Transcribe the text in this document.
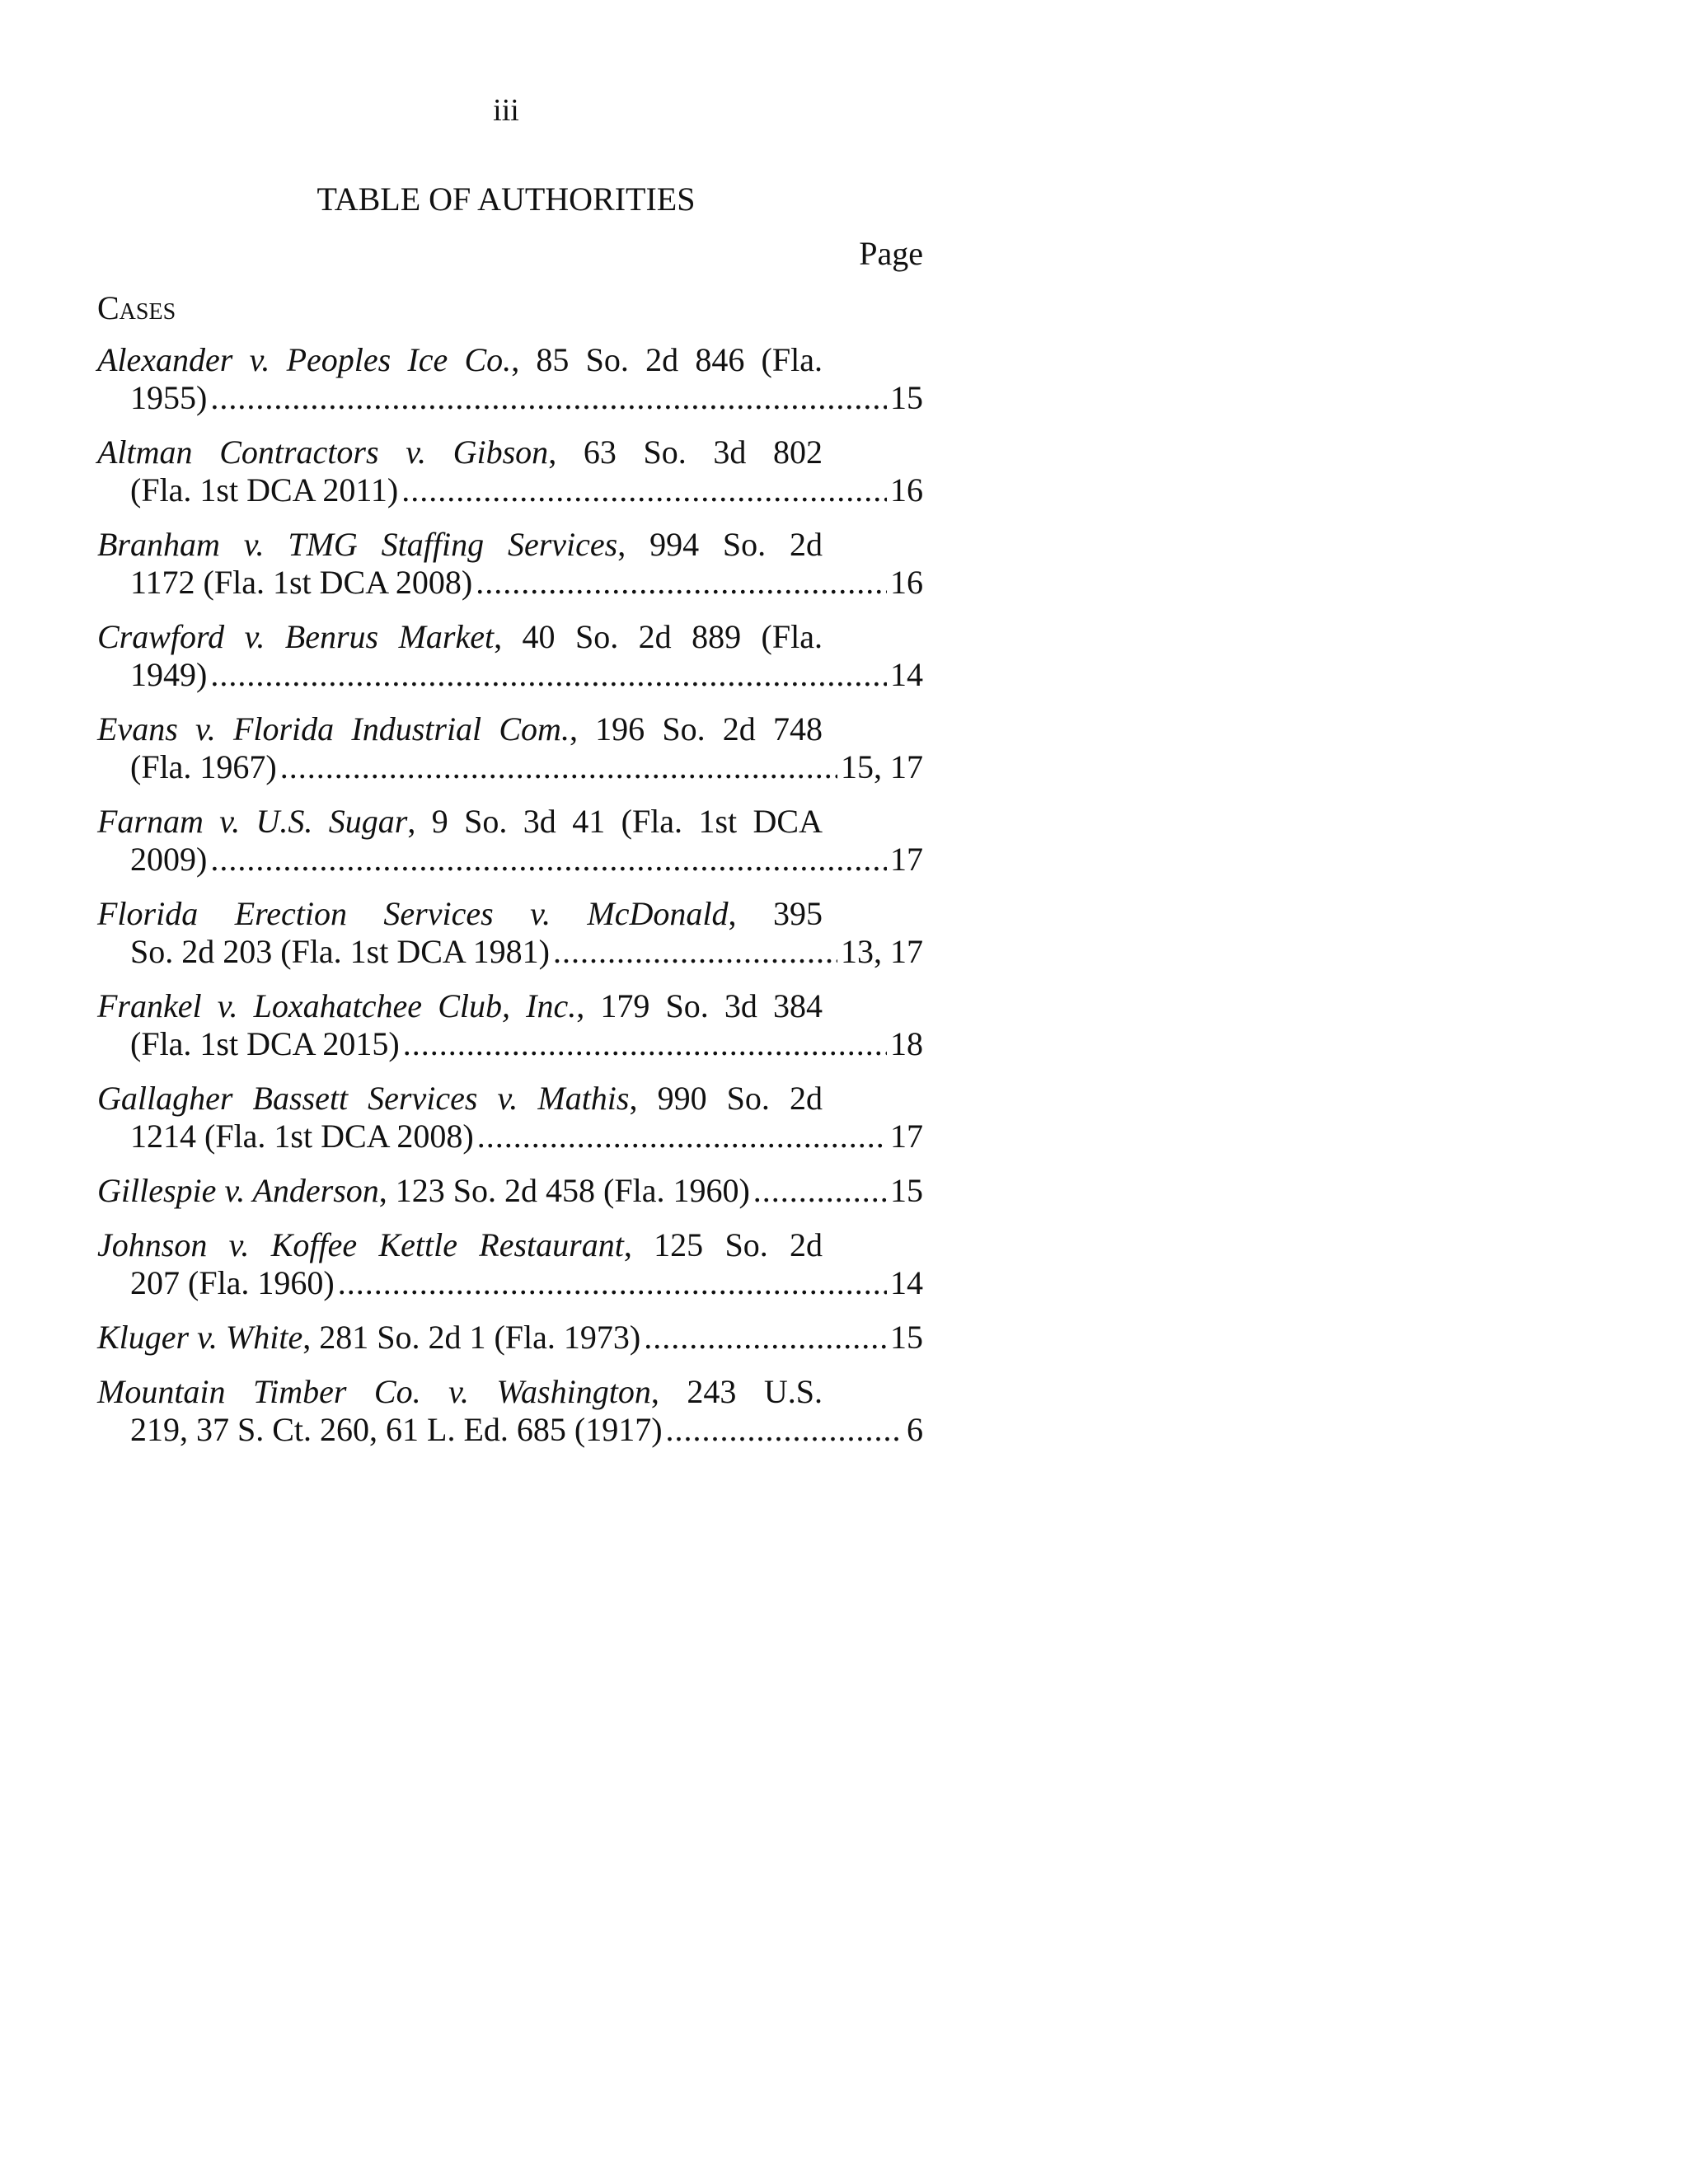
iii
TABLE OF AUTHORITIES
Page
Cases
Alexander v. Peoples Ice Co., 85 So. 2d 846 (Fla.
1955) .....	15
Altman Contractors v. Gibson, 63 So. 3d 802
(Fla. 1st DCA 2011) .....	16
Branham v. TMG Staffing Services, 994 So. 2d
1172 (Fla. 1st DCA 2008) .....	16
Crawford v. Benrus Market, 40 So. 2d 889 (Fla.
1949) .....	14
Evans v. Florida Industrial Com., 196 So. 2d 748
(Fla. 1967) .....	15, 17
Farnam v. U.S. Sugar, 9 So. 3d 41 (Fla. 1st DCA
2009) .....	17
Florida Erection Services v. McDonald, 395
So. 2d 203 (Fla. 1st DCA 1981) .....	13, 17
Frankel v. Loxahatchee Club, Inc., 179 So. 3d 384
(Fla. 1st DCA 2015) .....	18
Gallagher Bassett Services v. Mathis, 990 So. 2d
1214 (Fla. 1st DCA 2008) .....	17
Gillespie v. Anderson , 123 So. 2d 458 (Fla. 1960) .....	15
Johnson v. Koffee Kettle Restaurant, 125 So. 2d
207 (Fla. 1960) .....	14
Kluger v. White , 281 So. 2d 1 (Fla. 1973) .....	15
Mountain Timber Co. v. Washington, 243 U.S.
219, 37 S. Ct. 260, 61 L. Ed. 685 (1917) .....	6
